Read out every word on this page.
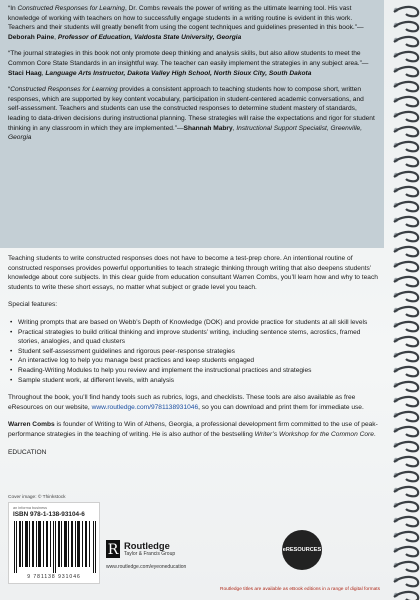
“In Constructed Responses for Learning, Dr. Combs reveals the power of writing as the ultimate learning tool. His vast knowledge of working with teachers on how to successfully engage students in a writing routine is evident in this work. Teachers and their students will greatly benefit from using the cogent techniques and guidelines presented in this book.”—Deborah Paine, Professor of Education, Valdosta State University, Georgia

“The journal strategies in this book not only promote deep thinking and analysis skills, but also allow students to meet the Common Core State Standards in an insightful way. The teacher can easily implement the strategies in any subject area.”—Staci Haag, Language Arts Instructor, Dakota Valley High School, North Sioux City, South Dakota

“Constructed Responses for Learning provides a consistent approach to teaching students how to compose short, written responses, which are supported by key content vocabulary, participation in student-centered academic conversations, and self-assessment. Teachers and students can use the constructed responses to determine student mastery of standards, leading to data-driven decisions during instructional planning. These strategies will raise the expectations and rigor for student thinking in any classroom in which they are implemented.”—Shannah Mabry, Instructional Support Specialist, Greenville, Georgia

Teaching students to write constructed responses does not have to become a test-prep chore. An intentional routine of constructed responses provides powerful opportunities to teach strategic thinking through writing that also deepens students’ knowledge about core subjects. In this clear guide from education consultant Warren Combs, you’ll learn how and why to teach students to write these short essays, no matter what subject or grade level you teach.

Special features:

• Writing prompts that are based on Webb’s Depth of Knowledge (DOK) and provide practice for students at all skill levels
• Practical strategies to build critical thinking and improve students’ writing, including sentence stems, acrostics, framed stories, analogies, and quad clusters
• Student self-assessment guidelines and rigorous peer-response strategies
• An interactive log to help you manage best practices and keep students engaged
• Reading-Writing Modules to help you review and implement the instructional practices and strategies
• Sample student work, at different levels, with analysis

Throughout the book, you’ll find handy tools such as rubrics, logs, and checklists. These tools are also available as free eResources on our website, www.routledge.com/9781138931046, so you can download and print them for immediate use.

Warren Combs is founder of Writing to Win of Athens, Georgia, a professional development firm committed to the use of peak-performance strategies in the teaching of writing. He is also author of the bestselling Writer’s Workshop for the Common Core.

EDUCATION

Cover image: © Thinkstock
an informa business
ISBN 978-1-138-93104-6
9 781138 931046
R Routledge
Taylor & Francis Group
www.routledge.com/eyeoneducation
eRESOURCES
Routledge titles are available as eBook editions in a range of digital formats
